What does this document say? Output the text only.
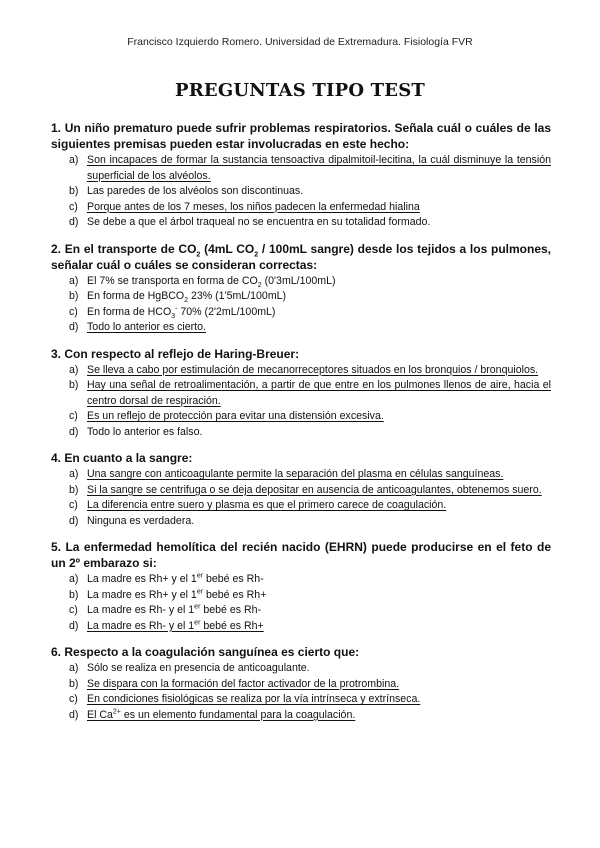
Francisco Izquierdo Romero. Universidad de Extremadura. Fisiología FVR
PREGUNTAS TIPO TEST

1. Un niño prematuro puede sufrir problemas respiratorios. Señala cuál o cuáles de las siguientes premisas pueden estar involucradas en este hecho:

a) Son incapaces de formar la sustancia tensoactiva dipalmitoil-lecitina, la cuál disminuye la tensión superficial de los alvéolos.
b) Las paredes de los alvéolos son discontinuas.
c) Porque antes de los 7 meses, los niños padecen la enfermedad hialina
d) Se debe a que el árbol traqueal no se encuentra en su totalidad formado.

2. En el transporte de $CO_2$ (4mL $CO_2 / 100mL$ sangre) desde los tejidos a los pulmones, señalar cuál o cuáles se consideran correctas:

a) El 7% se transporta en forma de $CO_2$ (0'3mL/100mL)
b) En forma de HgBCO$_2$ 23% (1'5mL/100mL)
c) En forma de $HCO_3^-$ 70% (2'2mL/100mL)
d) Todo lo anterior es cierto.

3. Con respecto al reflejo de Haring-Breuer:

a) Se lleva a cabo por estimulación de mecanorreceptores situados en los bronquios / bronquiolos.
b) Hay una señal de retroalimentación, a partir de que entre en los pulmones llenos de aire, hacia el centro dorsal de respiración.
c) Es un reflejo de protección para evitar una distensión excesiva.
d) Todo lo anterior es falso.

4. En cuanto a la sangre:

a) Una sangre con anticoagulante permite la separación del plasma en células sanguíneas.
b) Si la sangre se centrifuga o se deja depositar en ausencia de anticoagulantes, obtenemos suero.
c) La diferencia entre suero y plasma es que el primero carece de coagulación.
d) Ninguna es verdadera.

5. La enfermedad hemolítica del recién nacido (EHRN) puede producirse en el feto de un 2º embarazo si:

a) La madre es Rh+ y el 1er bebé es Rh-
b) La madre es Rh+ y el 1er bebé es Rh+
c) La madre es Rh- y el 1er bebé es Rh-
d) La madre es Rh- y el 1er bebé es Rh+

6. Respecto a la coagulación sanguínea es cierto que:

a) Sólo se realiza en presencia de anticoagulante.
b) Se dispara con la formación del factor activador de la protrombina.
c) En condiciones fisiológicas se realiza por la vía intrínseca y extrínseca.
d) El $Ca^{2+}$ es un elemento fundamental para la coagulación.
